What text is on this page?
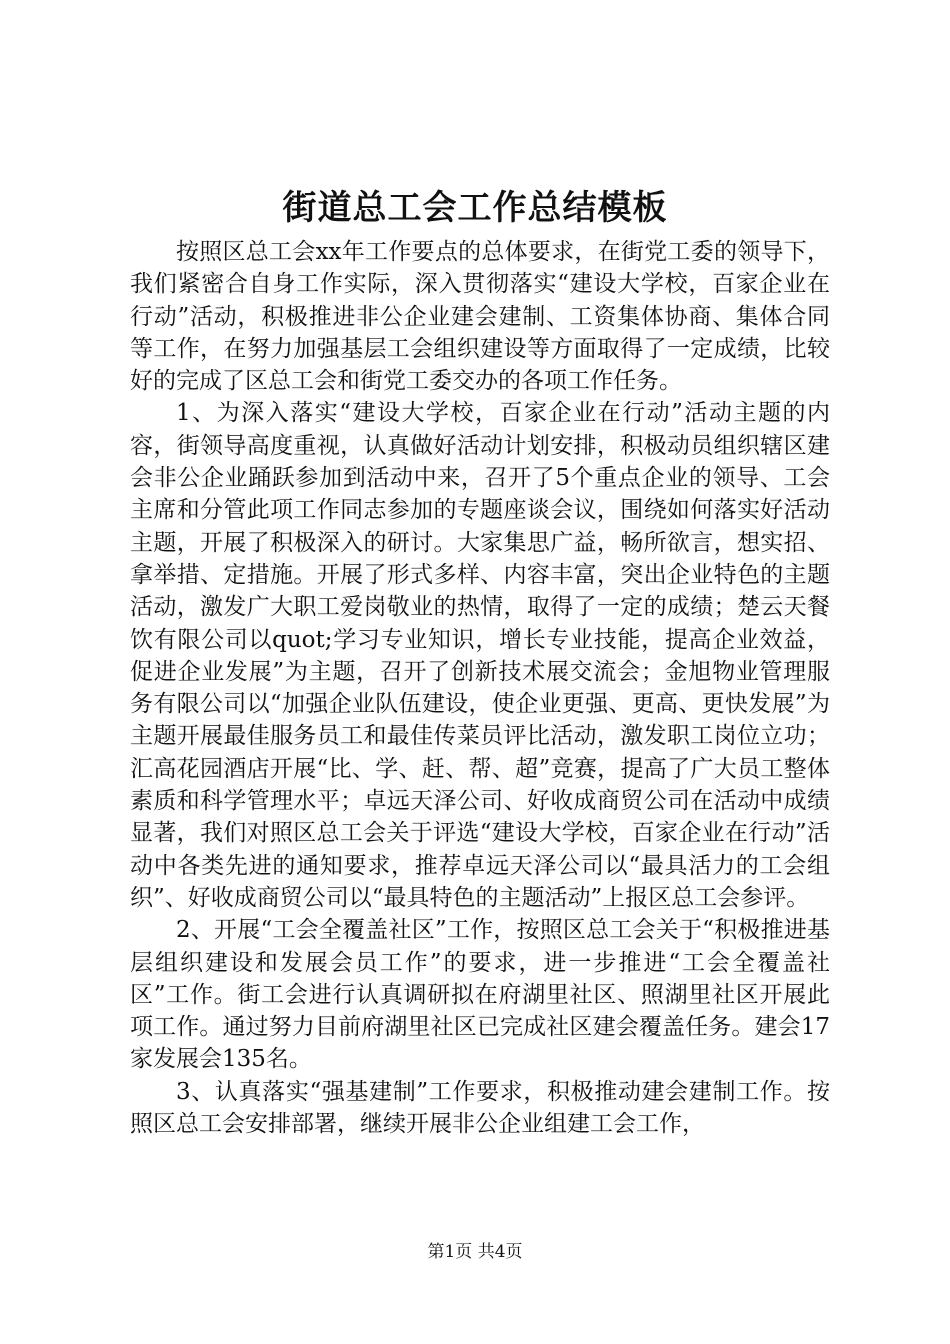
街道总工会工作总结模板

按照区总工会xx年工作要点的总体要求，在街党工委的领导下，我们紧密合自身工作实际，深入贯彻落实“建设大学校，百家企业在行动”活动，积极推进非公企业建会建制、工资集体协商、集体合同等工作，在努力加强基层工会组织建设等方面取得了一定成绩，比较好的完成了区总工会和街党工委交办的各项工作任务。

1、为深入落实“建设大学校，百家企业在行动”活动主题的内容，街领导高度重视，认真做好活动计划安排，积极动员组织辖区建会非公企业踊跃参加到活动中来，召开了5个重点企业的领导、工会主席和分管此项工作同志参加的专题座谈会议，围绕如何落实好活动主题，开展了积极深入的研讨。大家集思广益，畅所欲言，想实招、拿举措、定措施。开展了形式多样、内容丰富，突出企业特色的主题活动，激发广大职工爱岗敬业的热情，取得了一定的成绩；楚云天餐饮有限公司以quot;学习专业知识，增长专业技能，提高企业效益，促进企业发展”为主题，召开了创新技术展交流会；金旭物业管理服务有限公司以“加强企业队伍建设，使企业更强、更高、更快发展”为主题开展最佳服务员工和最佳传菜员评比活动，激发职工岗位立功；汇高花园酒店开展“比、学、赶、帮、超”竞赛，提高了广大员工整体素质和科学管理水平；卓远天泽公司、好收成商贸公司在活动中成绩显著，我们对照区总工会关于评选“建设大学校，百家企业在行动”活动中各类先进的通知要求，推荐卓远天泽公司以“最具活力的工会组织”、好收成商贸公司以“最具特色的主题活动”上报区总工会参评。

2、开展“工会全覆盖社区”工作，按照区总工会关于“积极推进基层组织建设和发展会员工作”的要求，进一步推进“工会全覆盖社区”工作。街工会进行认真调研拟在府湖里社区、照湖里社区开展此项工作。通过努力目前府湖里社区已完成社区建会覆盖任务。建会17家发展会135名。

3、认真落实“强基建制”工作要求，积极推动建会建制工作。按照区总工会安排部署，继续开展非公企业组建工会工作，

第1页 共4页
